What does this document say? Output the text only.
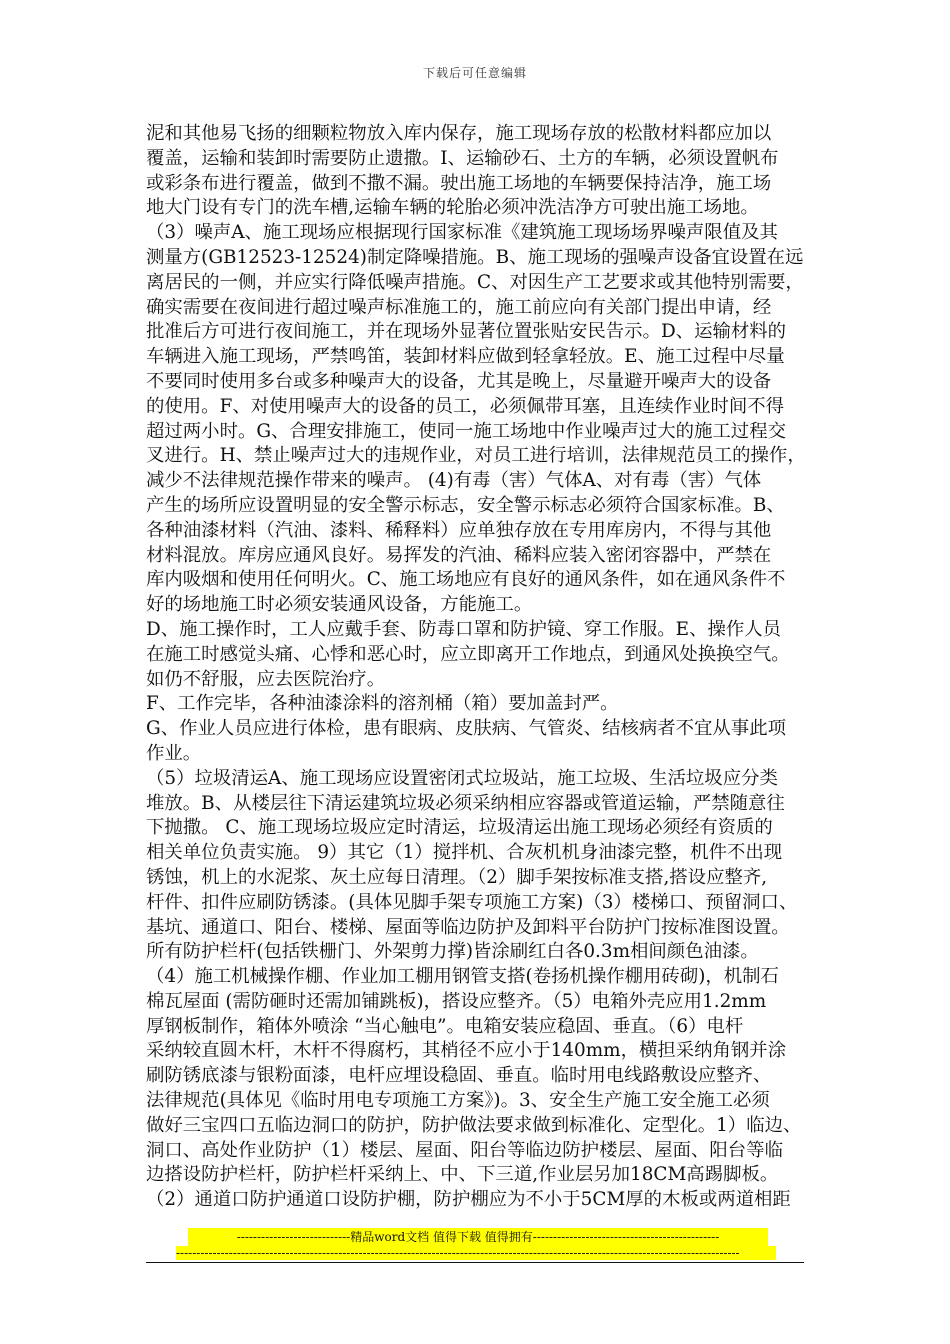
下载后可任意编辑
泥和其他易飞扬的细颗粒物放入库内保存，施工现场存放的松散材料都应加以
覆盖，运输和装卸时需要防止遗撒。I、运输砂石、土方的车辆，必须设置帆布
或彩条布进行覆盖，做到不撒不漏。驶出施工场地的车辆要保持洁净，施工场
地大门设有专门的洗车槽,运输车辆的轮胎必须冲洗洁净方可驶出施工场地。
（3）噪声A、施工现场应根据现行国家标准《建筑施工现场场界噪声限值及其
测量方(GB12523-12524)制定降噪措施。B、施工现场的强噪声设备宜设置在远
离居民的一侧，并应实行降低噪声措施。C、对因生产工艺要求或其他特别需要，
确实需要在夜间进行超过噪声标准施工的，施工前应向有关部门提出申请，经
批准后方可进行夜间施工，并在现场外显著位置张贴安民告示。D、运输材料的
车辆进入施工现场，严禁鸣笛，装卸材料应做到轻拿轻放。E、施工过程中尽量
不要同时使用多台或多种噪声大的设备，尤其是晚上，尽量避开噪声大的设备
的使用。F、对使用噪声大的设备的员工，必须佩带耳塞，且连续作业时间不得
超过两小时。G、合理安排施工，使同一施工场地中作业噪声过大的施工过程交
叉进行。H、禁止噪声过大的违规作业，对员工进行培训，法律规范员工的操作，
减少不法律规范操作带来的噪声。 (4)有毒（害）气体A、对有毒（害）气体
产生的场所应设置明显的安全警示标志，安全警示标志必须符合国家标准。B、
各种油漆材料（汽油、漆料、稀释料）应单独存放在专用库房内，不得与其他
材料混放。库房应通风良好。易挥发的汽油、稀料应装入密闭容器中，严禁在
库内吸烟和使用任何明火。C、施工场地应有良好的通风条件，如在通风条件不
好的场地施工时必须安装通风设备，方能施工。
D、施工操作时，工人应戴手套、防毒口罩和防护镜、穿工作服。E、操作人员
在施工时感觉头痛、心悸和恶心时，应立即离开工作地点，到通风处换换空气。
如仍不舒服，应去医院治疗。
F、工作完毕，各种油漆涂料的溶剂桶（箱）要加盖封严。
G、作业人员应进行体检，患有眼病、皮肤病、气管炎、结核病者不宜从事此项
作业。
（5）垃圾清运A、施工现场应设置密闭式垃圾站，施工垃圾、生活垃圾应分类
堆放。B、从楼层往下清运建筑垃圾必须采纳相应容器或管道运输，严禁随意往
下抛撒。 C、施工现场垃圾应定时清运，垃圾清运出施工现场必须经有资质的
相关单位负责实施。 9）其它（1）搅拌机、合灰机机身油漆完整，机件不出现
锈蚀，机上的水泥浆、灰土应每日清理。（2）脚手架按标准支搭,搭设应整齐,
杆件、扣件应刷防锈漆。(具体见脚手架专项施工方案)（3）楼梯口、预留洞口、
基坑、通道口、阳台、楼梯、屋面等临边防护及卸料平台防护门按标准图设置。
所有防护栏杆(包括铁栅门、外架剪力撑)皆涂刷红白各0.3m相间颜色油漆。
（4）施工机械操作棚、作业加工棚用钢管支搭(卷扬机操作棚用砖砌)，机制石
棉瓦屋面 (需防砸时还需加铺跳板)，搭设应整齐。（5）电箱外壳应用1.2mm
厚钢板制作，箱体外喷涂 “当心触电”。电箱安装应稳固、垂直。（6）电杆
采纳较直圆木杆，木杆不得腐朽，其梢径不应小于140mm，横担采纳角钢并涂
刷防锈底漆与银粉面漆，电杆应埋设稳固、垂直。临时用电线路敷设应整齐、
法律规范(具体见《临时用电专项施工方案》)。3、安全生产施工安全施工必须
做好三宝四口五临边洞口的防护，防护做法要求做到标准化、定型化。1）临边、
洞口、高处作业防护（1）楼层、屋面、阳台等临边防护楼层、屋面、阳台等临
边搭设防护栏杆，防护栏杆采纳上、中、下三道,作业层另加18CM高踢脚板。
（2）通道口防护通道口设防护棚，防护棚应为不小于5CM厚的木板或两道相距
----------------------------精品word文档 值得下载 值得拥有----------------------------------------------
-------------------------------------------------------------------------------------------------------------------------------------------
